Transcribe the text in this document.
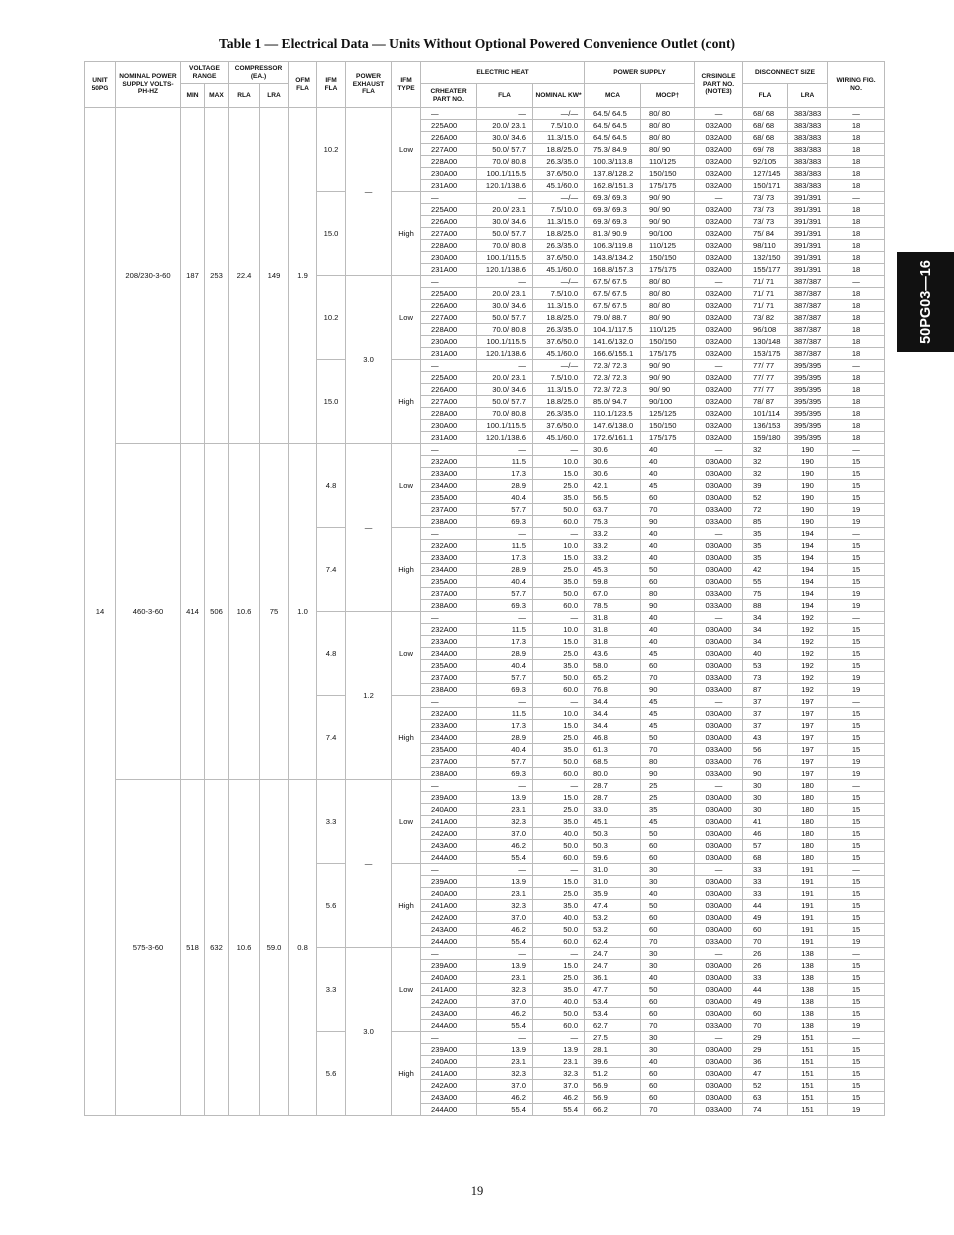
Table 1 — Electrical Data — Units Without Optional Powered Convenience Outlet (cont)
50PG03—16
UNIT 50PG	NOMINAL POWER SUPPLY VOLTS-PH-HZ	VOLTAGE RANGE		COMPRESSOR (EA.)		OFM FLA	IFM FLA	POWER EXHAUST FLA	IFM TYPE	ELECTRIC HEAT			POWER SUPPLY		CRSINGLE PART NO.(NOTE3)	DISCONNECT SIZE		WIRING FIG. NO.
		MIN	MAX	RLA	LRA					CRHEATER PART NO.	FLA	NOMINAL KW*	MCA	MOCP†		FLA	LRA	
14	208/230-3-60	187	253	22.4	149	1.9	10.2	—	Low	—	—	—/—	64.5/ 64.5	80/ 80	—	68/ 68	383/383	—
										225A00	20.0/ 23.1	7.5/10.0	64.5/ 64.5	80/ 80	032A00	68/ 68	383/383	18
										226A00	30.0/ 34.6	11.3/15.0	64.5/ 64.5	80/ 80	032A00	68/ 68	383/383	18
										227A00	50.0/ 57.7	18.8/25.0	75.3/ 84.9	80/ 90	032A00	69/ 78	383/383	18
										228A00	70.0/ 80.8	26.3/35.0	100.3/113.8	110/125	032A00	92/105	383/383	18
										230A00	100.1/115.5	37.6/50.0	137.8/128.2	150/150	032A00	127/145	383/383	18
										231A00	120.1/138.6	45.1/60.0	162.8/151.3	175/175	032A00	150/171	383/383	18
							15.0		High	—	—	—/—	69.3/ 69.3	90/ 90	—	73/ 73	391/391	—
										225A00	20.0/ 23.1	7.5/10.0	69.3/ 69.3	90/ 90	032A00	73/ 73	391/391	18
										226A00	30.0/ 34.6	11.3/15.0	69.3/ 69.3	90/ 90	032A00	73/ 73	391/391	18
										227A00	50.0/ 57.7	18.8/25.0	81.3/ 90.9	90/100	032A00	75/ 84	391/391	18
										228A00	70.0/ 80.8	26.3/35.0	106.3/119.8	110/125	032A00	98/110	391/391	18
										230A00	100.1/115.5	37.6/50.0	143.8/134.2	150/150	032A00	132/150	391/391	18
										231A00	120.1/138.6	45.1/60.0	168.8/157.3	175/175	032A00	155/177	391/391	18
							10.2	3.0	Low	—	—	—/—	67.5/ 67.5	80/ 80	—	71/ 71	387/387	—
										225A00	20.0/ 23.1	7.5/10.0	67.5/ 67.5	80/ 80	032A00	71/ 71	387/387	18
										226A00	30.0/ 34.6	11.3/15.0	67.5/ 67.5	80/ 80	032A00	71/ 71	387/387	18
										227A00	50.0/ 57.7	18.8/25.0	79.0/ 88.7	80/ 90	032A00	73/ 82	387/387	18
										228A00	70.0/ 80.8	26.3/35.0	104.1/117.5	110/125	032A00	96/108	387/387	18
										230A00	100.1/115.5	37.6/50.0	141.6/132.0	150/150	032A00	130/148	387/387	18
										231A00	120.1/138.6	45.1/60.0	166.6/155.1	175/175	032A00	153/175	387/387	18
							15.0		High	—	—	—/—	72.3/ 72.3	90/ 90	—	77/ 77	395/395	—
										225A00	20.0/ 23.1	7.5/10.0	72.3/ 72.3	90/ 90	032A00	77/ 77	395/395	18
										226A00	30.0/ 34.6	11.3/15.0	72.3/ 72.3	90/ 90	032A00	77/ 77	395/395	18
										227A00	50.0/ 57.7	18.8/25.0	85.0/ 94.7	90/100	032A00	78/ 87	395/395	18
										228A00	70.0/ 80.8	26.3/35.0	110.1/123.5	125/125	032A00	101/114	395/395	18
										230A00	100.1/115.5	37.6/50.0	147.6/138.0	150/150	032A00	136/153	395/395	18
										231A00	120.1/138.6	45.1/60.0	172.6/161.1	175/175	032A00	159/180	395/395	18
	460-3-60	414	506	10.6	75	1.0	4.8	—	Low	—	—	—	30.6	40	—	32	190	—
										232A00	11.5	10.0	30.6	40	030A00	32	190	15
										233A00	17.3	15.0	30.6	40	030A00	32	190	15
										234A00	28.9	25.0	42.1	45	030A00	39	190	15
										235A00	40.4	35.0	56.5	60	030A00	52	190	15
										237A00	57.7	50.0	63.7	70	033A00	72	190	19
										238A00	69.3	60.0	75.3	90	033A00	85	190	19
							7.4		High	—	—	—	33.2	40	—	35	194	—
										232A00	11.5	10.0	33.2	40	030A00	35	194	15
										233A00	17.3	15.0	33.2	40	030A00	35	194	15
										234A00	28.9	25.0	45.3	50	030A00	42	194	15
										235A00	40.4	35.0	59.8	60	030A00	55	194	15
										237A00	57.7	50.0	67.0	80	033A00	75	194	19
										238A00	69.3	60.0	78.5	90	033A00	88	194	19
							4.8	1.2	Low	—	—	—	31.8	40	—	34	192	—
										232A00	11.5	10.0	31.8	40	030A00	34	192	15
										233A00	17.3	15.0	31.8	40	030A00	34	192	15
										234A00	28.9	25.0	43.6	45	030A00	40	192	15
										235A00	40.4	35.0	58.0	60	030A00	53	192	15
										237A00	57.7	50.0	65.2	70	033A00	73	192	19
										238A00	69.3	60.0	76.8	90	033A00	87	192	19
							7.4		High	—	—	—	34.4	45	—	37	197	—
										232A00	11.5	10.0	34.4	45	030A00	37	197	15
										233A00	17.3	15.0	34.4	45	030A00	37	197	15
										234A00	28.9	25.0	46.8	50	030A00	43	197	15
										235A00	40.4	35.0	61.3	70	033A00	56	197	15
										237A00	57.7	50.0	68.5	80	033A00	76	197	19
										238A00	69.3	60.0	80.0	90	033A00	90	197	19
	575-3-60	518	632	10.6	59.0	0.8	3.3	—	Low	—	—	—	28.7	25	—	30	180	—
										239A00	13.9	15.0	28.7	25	030A00	30	180	15
										240A00	23.1	25.0	33.0	35	030A00	30	180	15
										241A00	32.3	35.0	45.1	45	030A00	41	180	15
										242A00	37.0	40.0	50.3	50	030A00	46	180	15
										243A00	46.2	50.0	50.3	60	030A00	57	180	15
										244A00	55.4	60.0	59.6	60	030A00	68	180	15
							5.6		High	—	—	—	31.0	30	—	33	191	—
										239A00	13.9	15.0	31.0	30	030A00	33	191	15
										240A00	23.1	25.0	35.9	40	030A00	33	191	15
										241A00	32.3	35.0	47.4	50	030A00	44	191	15
										242A00	37.0	40.0	53.2	60	030A00	49	191	15
										243A00	46.2	50.0	53.2	60	030A00	60	191	15
										244A00	55.4	60.0	62.4	70	033A00	70	191	19
							3.3	3.0	Low	—	—	—	24.7	30	—	26	138	—
										239A00	13.9	15.0	24.7	30	030A00	26	138	15
										240A00	23.1	25.0	36.1	40	030A00	33	138	15
										241A00	32.3	35.0	47.7	50	030A00	44	138	15
										242A00	37.0	40.0	53.4	60	030A00	49	138	15
										243A00	46.2	50.0	53.4	60	030A00	60	138	15
										244A00	55.4	60.0	62.7	70	033A00	70	138	19
							5.6		High	—	—	—	27.5	30	—	29	151	—
										239A00	13.9	13.9	28.1	30	030A00	29	151	15
										240A00	23.1	23.1	39.6	40	030A00	36	151	15
										241A00	32.3	32.3	51.2	60	030A00	47	151	15
										242A00	37.0	37.0	56.9	60	030A00	52	151	15
										243A00	46.2	46.2	56.9	60	030A00	63	151	15
										244A00	55.4	55.4	66.2	70	033A00	74	151	19
19
